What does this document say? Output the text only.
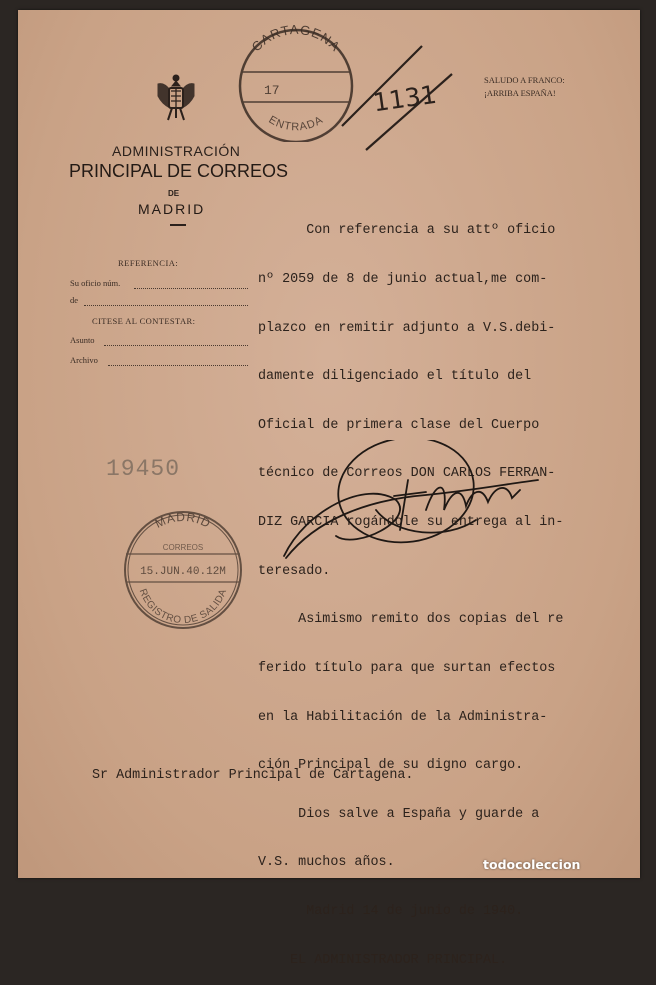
ADMINISTRACIÓN
PRINCIPAL DE CORREOS
DE
MADRID
REFERENCIA:
Su oficio núm.
de
CITESE AL CONTESTAR:
Asunto
Archivo
SALUDO A FRANCO:
¡ARRIBA ESPAÑA!
CARTAGENA
17
ENTRADA
1131

Con referencia a su attº oficio

nº 2059 de 8 de junio actual,me com-

plazco en remitir adjunto a V.S.debi-

damente diligenciado el título del

Oficial de primera clase del Cuerpo

técnico de Correos DON CARLOS FERRAN-

DIZ GARCIA rogándole su entrega al in-

teresado.

Asimismo remito dos copias del re

ferido título para que surtan efectos

en la Habilitación de la Administra-

ción Principal de su digno cargo.

Dios salve a España y guarde a

V.S. muchos años.

Madrid 14 de junio de 1940.

EL ADMINISTRADOR PRINCIPAL.

19450
MADRID
CORREOS
15.JUN.40.12M
REGISTRO DE SALIDA
Sr Administrador Principal de Cartagena.
todocoleccion
